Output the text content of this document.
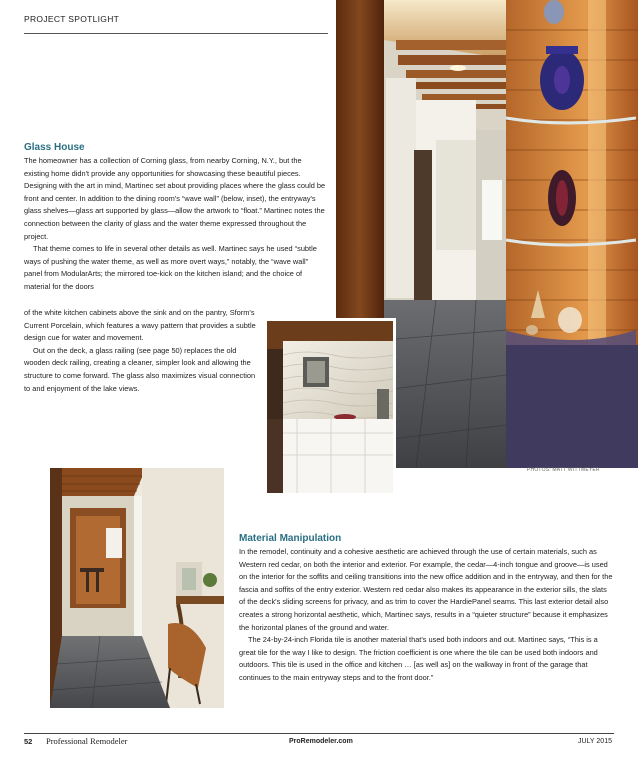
PROJECT SPOTLIGHT
Glass House

The homeowner has a collection of Corning glass, from nearby Corning, N.Y., but the existing home didn't provide any opportunities for showcasing these beautiful pieces. Designing with the art in mind, Martinec set about providing places where the glass could be front and center. In addition to the dining room's “wave wall” (below, inset), the entryway's glass shelves—glass art supported by glass—allow the artwork to “float.” Martinec notes the connection between the clarity of glass and the water theme expressed throughout the project.

That theme comes to life in several other details as well. Martinec says he used “subtle ways of pushing the water theme, as well as more overt ways,” notably, the “wave wall” panel from ModularArts; the mirrored toe-kick on the kitchen island; and the choice of material for the doors

of the white kitchen cabinets above the sink and on the pantry, Sform's Current Porcelain, which features a wavy pattern that provides a subtle design cue for water and movement.

Out on the deck, a glass railing (see page 50) replaces the old wooden deck railing, creating a cleaner, simpler look and allowing the structure to come forward. The glass also maximizes visual connection to and enjoyment of the lake views.

PHOTOS: MATT WITTMEYER
Material Manipulation

In the remodel, continuity and a cohesive aesthetic are achieved through the use of certain materials, such as Western red cedar, on both the interior and exterior. For example, the cedar—4-inch tongue and groove—is used on the interior for the soffits and ceiling transitions into the new office addition and in the entryway, and then for the fascia and soffits of the entry exterior. Western red cedar also makes its appearance in the exterior sills, the slats of the deck's sliding screens for privacy, and as trim to cover the HardiePanel seams. This last exterior detail also creates a strong horizontal aesthetic, which, Martinec says, results in a “quieter structure” because it emphasizes the horizontal planes of the ground and water.

The 24-by-24-inch Florida tile is another material that's used both indoors and out. Martinec says, “This is a great tile for the way I like to design. The friction coefficient is one where the tile can be used both indoors and outdoors. This tile is used in the office and kitchen … [as well as] on the walkway in front of the garage that continues to the main entryway steps and to the front door.”

52 Professional Remodeler	ProRemodeler.com	JULY 2015
